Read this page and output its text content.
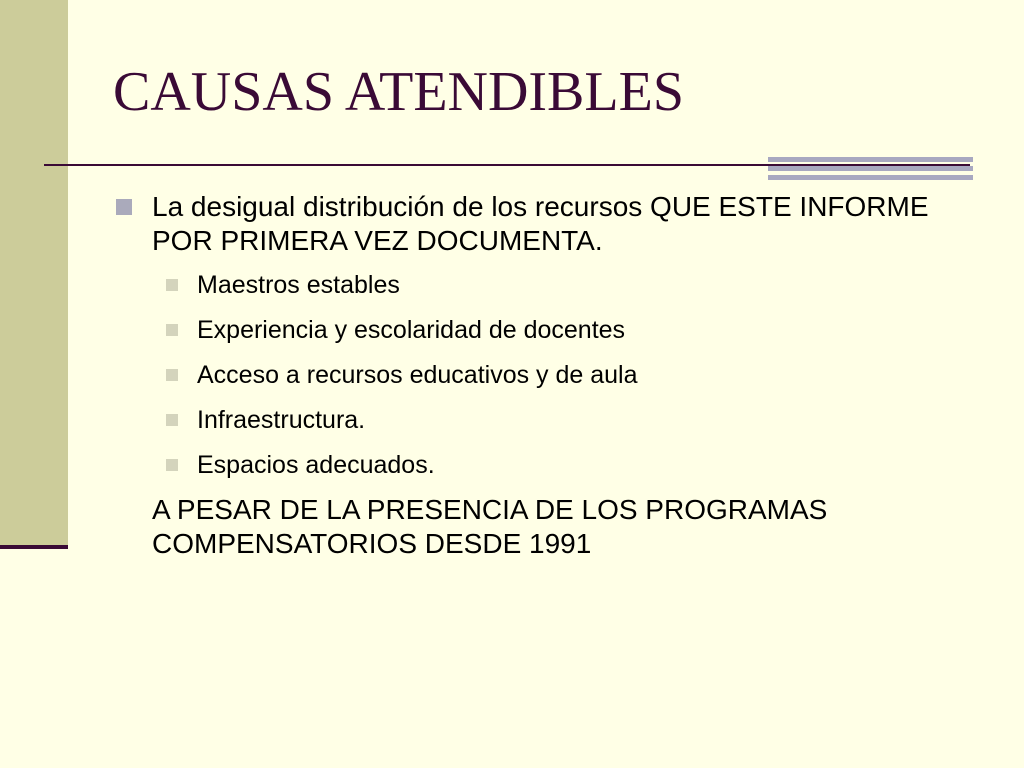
CAUSAS ATENDIBLES
La desigual distribución de los recursos QUE ESTE INFORME POR PRIMERA VEZ DOCUMENTA.
Maestros estables
Experiencia y escolaridad de docentes
Acceso a recursos educativos y de aula
Infraestructura.
Espacios adecuados.
A PESAR DE LA PRESENCIA DE LOS PROGRAMAS COMPENSATORIOS DESDE 1991
